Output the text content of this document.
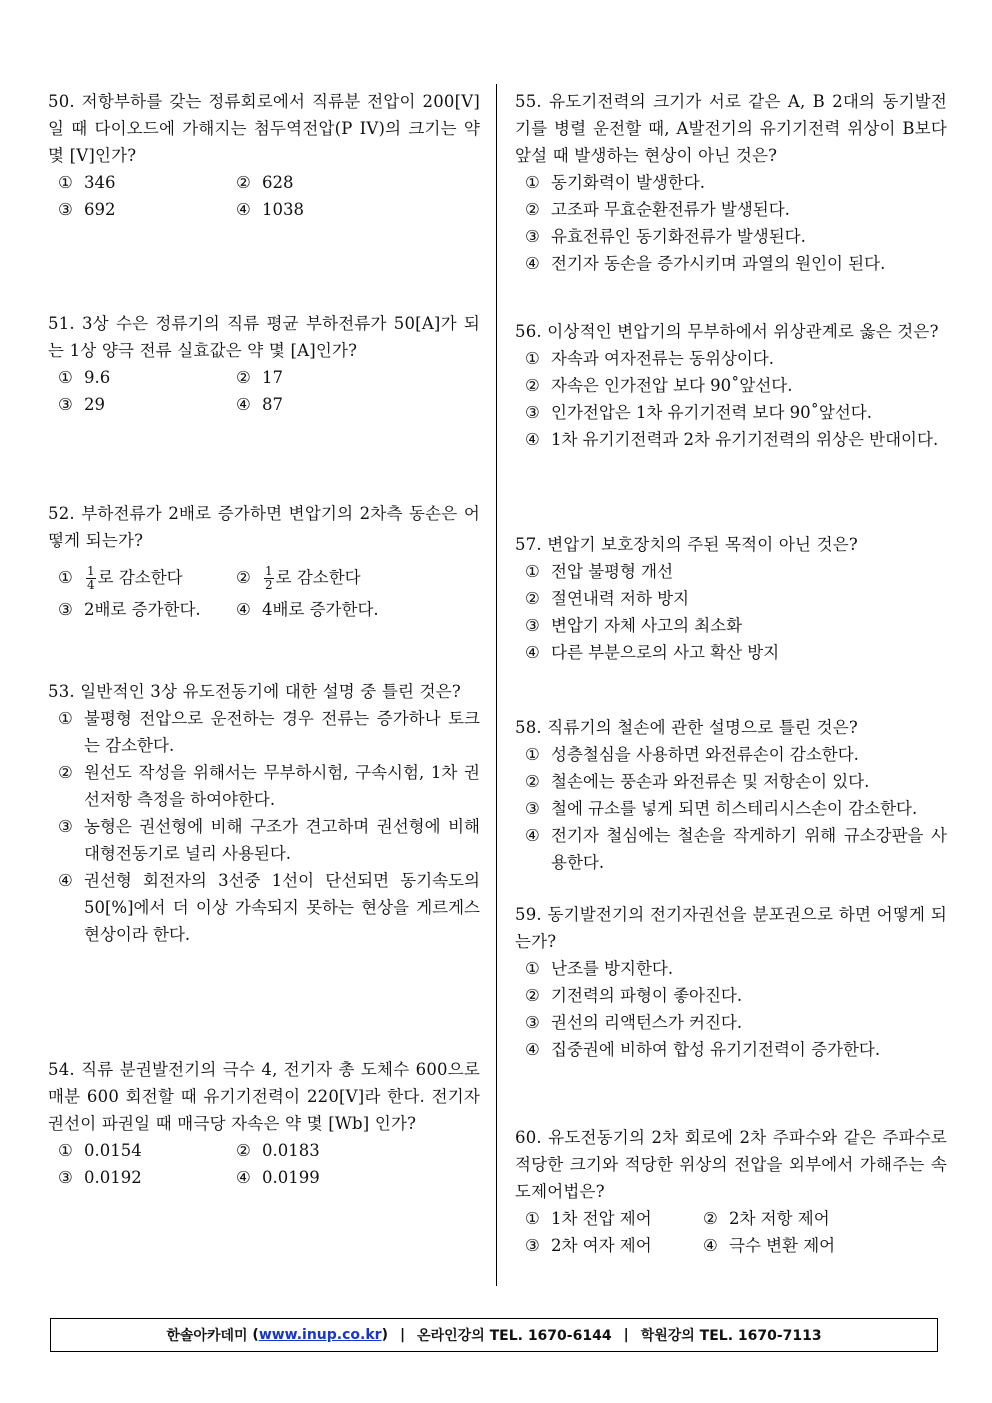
50. 저항부하를 갖는 정류회로에서 직류분 전압이 200[V]일 때 다이오드에 가해지는 첨두역전압(P IV)의 크기는 약 몇 [V]인가?
① 346	② 628
③ 692	④ 1038
51. 3상 수은 정류기의 직류 평균 부하전류가 50[A]가 되는 1상 양극 전류 실효값은 약 몇 [A]인가?
① 9.6	② 17
③ 29	④ 87
52. 부하전류가 2배로 증가하면 변압기의 2차측 동손은 어떻게 되는가?
①	$\frac{1}{4}$ 로 감소한다	②	$\frac{1}{2}$ 로 감소한다
③ 2배로 증가한다.	④ 4배로 증가한다.
53. 일반적인 3상 유도전동기에 대한 설명 중 틀린 것은?
① 불평형 전압으로 운전하는 경우 전류는 증가하나 토크는 감소한다.
② 원선도 작성을 위해서는 무부하시험, 구속시험, 1차 권선저항 측정을 하여야한다.
③ 농형은 권선형에 비해 구조가 견고하며 권선형에 비해 대형전동기로 널리 사용된다.
④ 권선형 회전자의 3선중 1선이 단선되면 동기속도의 50[%]에서 더 이상 가속되지 못하는 현상을 게르게스현상이라 한다.
54. 직류 분권발전기의 극수 4, 전기자 총 도체수 600으로 매분 600 회전할 때 유기기전력이 220[V]라 한다. 전기자 권선이 파권일 때 매극당 자속은 약 몇 [Wb] 인가?
① 0.0154	② 0.0183
③ 0.0192	④ 0.0199
55. 유도기전력의 크기가 서로 같은 A, B 2대의 동기발전기를 병렬 운전할 때, A발전기의 유기기전력 위상이 B보다 앞설 때 발생하는 현상이 아닌 것은?
① 동기화력이 발생한다.
② 고조파 무효순환전류가 발생된다.
③ 유효전류인 동기화전류가 발생된다.
④ 전기자 동손을 증가시키며 과열의 원인이 된다.
56. 이상적인 변압기의 무부하에서 위상관계로 옳은 것은?
① 자속과 여자전류는 동위상이다.
② 자속은 인가전압 보다 90˚앞선다.
③ 인가전압은 1차 유기기전력 보다 90˚앞선다.
④ 1차 유기기전력과 2차 유기기전력의 위상은 반대이다.
57. 변압기 보호장치의 주된 목적이 아닌 것은?
① 전압 불평형 개선
② 절연내력 저하 방지
③ 변압기 자체 사고의 최소화
④ 다른 부분으로의 사고 확산 방지
58. 직류기의 철손에 관한 설명으로 틀린 것은?
① 성층철심을 사용하면 와전류손이 감소한다.
② 철손에는 풍손과 와전류손 및 저항손이 있다.
③ 철에 규소를 넣게 되면 히스테리시스손이 감소한다.
④ 전기자 철심에는 철손을 작게하기 위해 규소강판을 사용한다.
59. 동기발전기의 전기자권선을 분포권으로 하면 어떻게 되는가?
① 난조를 방지한다.
② 기전력의 파형이 좋아진다.
③ 권선의 리액턴스가 커진다.
④ 집중권에 비하여 합성 유기기전력이 증가한다.
60. 유도전동기의 2차 회로에 2차 주파수와 같은 주파수로 적당한 크기와 적당한 위상의 전압을 외부에서 가해주는 속도제어법은?
① 1차 전압 제어	② 2차 저항 제어
③ 2차 여자 제어	④ 극수 변환 제어
한솔아카데미 (www.inup.co.kr) | 온라인강의 TEL. 1670-6144 | 학원강의 TEL. 1670-7113
